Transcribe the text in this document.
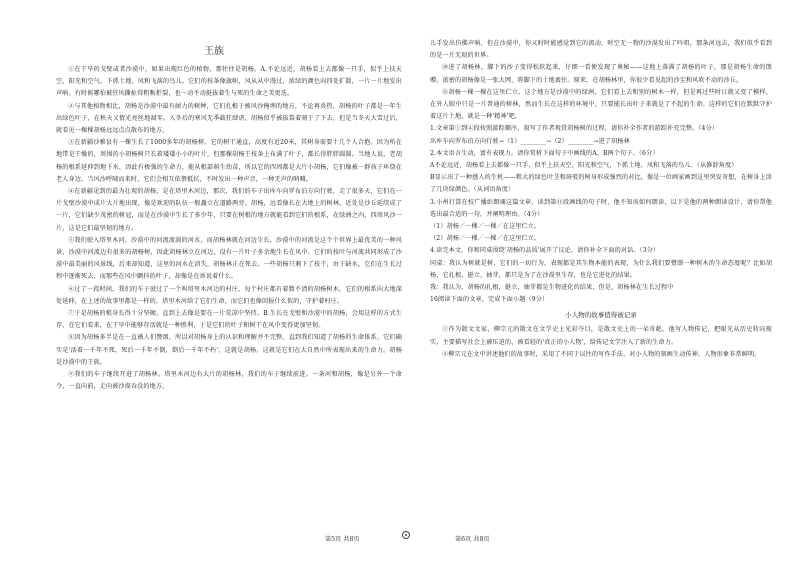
王族

①在干旱的戈壁或者沙漠中，如果出现红色的植物，那往往是胡杨。A.不论远近，胡杨看上去都像一只手，似乎上扶天空，阳光和空气，下抓土地、风和飞落的鸟儿。它们的枝条像旗帜，风从从中漫过，浓绿的颜色向四处扩散，一片一片地发出声响。有时候哪怕被狂风撕扯得粗粝拒裂，也一动不动挺拔着生与死的生命之美更迭。

②与其他植物相比，胡杨是沙漠中最有耐力的树种，它们扎根于被风沙掩埋的地方，不论再炎热，胡杨的叶子都是一年生出绿色叶子，在秋天又情光亮丝地凋零。入冬后的寒风无季截狂肆虐，胡杨似乎被拔裂着刻于了下去，但是当冬天大雪过后，就看见一棵棵胡杨远远点点散布的地方。

③在新疆沙雅县有一棵生长了1000多年的胡杨树。它的树干通直，高度有近20米，其树身需要十几个人合抱。因为所在地带是干燥的，周围的小胡杨树只长着矮矮小小的叶片，但那棵胡杨王枝条上布满了叶子，都长得胖胖圆圆。当地人说，老胡杨的根系延伸到地下水，因此有极强的生命力，能从根部萌生幼苗，所以它的四周都是大片小胡杨，它们像被一群孩子环绕在老人身边。当风沙呼啸而来时，它们会相互依偎抵抗，不时发出一种声音，一种无声的呐喊。

④在新疆见到的最为壮观的胡杨，是在塔里木河边，那次，我们的车子出库车向罗布泊方向行驶，走了很多天，它们在一片戈壁沙漠中成片大片地出现，像是欢迎的队伍一般矗立在道路两旁。胡杨，远看像长在大地上的树林，近处是沙丘延续成了一片，它们缺少茂密的树冠，而是在沙漠中生长了多少年，只要在树根的地方就能看到它们的根系，在绿洲之内，四周风沙一片，这是它们最坚韧的地方。

⑤我们驶入塔里木河，沙漠中的河流流淌的河水，而胡杨林就在河边生长，沙漠中的河流是这个个世界上最优美的一种风景，沙漠中河流边有很多的胡杨树，因此胡杨林立在河边，没有一片叶子多余地生长在风中。它们的枝叶与河流共同形成了沙漠中最美丽的风景线，后来却知道，这里的河水在消失，胡杨林正在死去。一些胡杨只剩下了枝干，由于缺水，它们在生长过程中逐渐死去，而那些在风中颤抖的叶子，却像是在诉说着什么。

⑥过了一段时间，我们的车子驶过了一个叫塔里木河边的村庄，每个村庄都有着数不清的胡杨树木，它们的根系向大地深处延伸，在上述的故事里都是一样的，塔里木河给了它们生命，而它们也像回报什么似的，守护着村庄。

⑦于是胡杨的根身长得十分坚硬，直到上去像是要在一片荒凉中坚持。B.生长在戈壁和沙漠中的胡杨，会用这样的方式生存，在它们看来，在干旱中能够存活就是一种胜利，于是它们的叶子和树干在风中变得更加坚韧。

⑧因为胡杨多半是在一直被人们赞颂，所以对胡杨身上的认识和理解并不完整，直到我们知道了胡杨的生命体系，它们确实是'活着一千年不死，死后一千年不倒，倒后一千年不朽'，这就是胡杨，这就是它们在大自然中所表现出来的生命力。胡杨是沙漠中的王族。

⑨我们的车子继续开进了胡杨林。塔里木河边有大片的胡杨林，我们的车子继续前进。一条河和胡杨，像是另外一个命令，一直向前，走向被沙漠吞没的地方。

儿手发出仿佛声响，但在沙漠中，你又时时能感觉到它的流动，时空无一物的沙漠发出了吟唱，那条河远去，我们似乎看到的是一片无垠的世界。

⑩进了胡杨林，脚下的沙子变得松软起来，仔细一看便发现了奥秘——这地上落满了胡杨的叶子，那是胡杨生命的馈赠。浓密的胡杨像是一张大网，将脚下的土地裹住。原来，在胡杨林里，你很少看见起的沙尘和风吹不动的沙丘。

⑪胡杨一棵一棵在这里伫立。这个地方是沙漠中的绿洲，它们看上去和别的树木一样，但是再过些时日就又变了模样，在外人眼中只是一片普通的树林，然而生长在这样的环境中，只要能长出叶子来就是了不起的生命。这样的它们在默默守护着这片土地，就是一种'精神'吧。

1.文章第①到④段按照游踪顺序，叙写了作者观赏胡杨树的过程，请你补全作者的游踪补充完整。（4分）

出库车向罗布泊方向行驶→（1）________→（2）________→进了胡杨林

2.本文语言生动，富有表现力，请你赏析下面句子中画线的A、B两个句子。（6分）

A不论远近，胡杨看上去都像一只手，似乎上扶天空，阳光和空气，下抓土地、风和飞落的鸟儿。（从修辞角度）

B显示出了一种感人的生机——粗大的绿色叶茎和斑驳的树身形成强烈的对比，像是一位画家画到这里突发奇想，在树身上涂了几块绿颜色。（从词语角度）

3.小州打算在校广播站朗诵这篇文章，读到第⑪段画线的句子时，他不知该如何朗读，以下是他的两种朗读设计，请你帮他选出最合适的一句，并阐明理由。（4分）

（1）胡杨／一棵／一棵／在这里伫立。

（2）胡杨／一棵／一棵／在这里伫立。

4.读完本文，你和同桌围绕'胡杨的品质'展开了议论，请你补全下面的对话。（3分）

同桌：我认为树就是树，它们的一切行为，表现都是其生物本能的表现，为什么我们要赞颂一种树木的生命态度呢？比如胡杨，它扎根，挺立，抽芽，都只是为了在沙漠里生存，也是它进化的结果。

我：我认为，胡杨的扎根，挺立，抽芽都是生物进化的结果，但是，胡杨林在生长过程中

16阅读下面的文章，完成下面小题（9分）

小人物的故事值得被记录

①作为散文文家，柳宗元的散文在文学史上光彩夺目，是散文史上的一朵奇葩。他写人物传记，把眼光从历史转向现实，主要描写社会上被压迫的、被看轻的'真正的小人物'，给传记文学注入了新的生命力。

②柳宗元在文中讲述他们的故事时，采用了不同于以往的写作手法，对小人物的刻画生动传神，人物形象非常鲜明。

第5页 共8页	第6页 共8页
